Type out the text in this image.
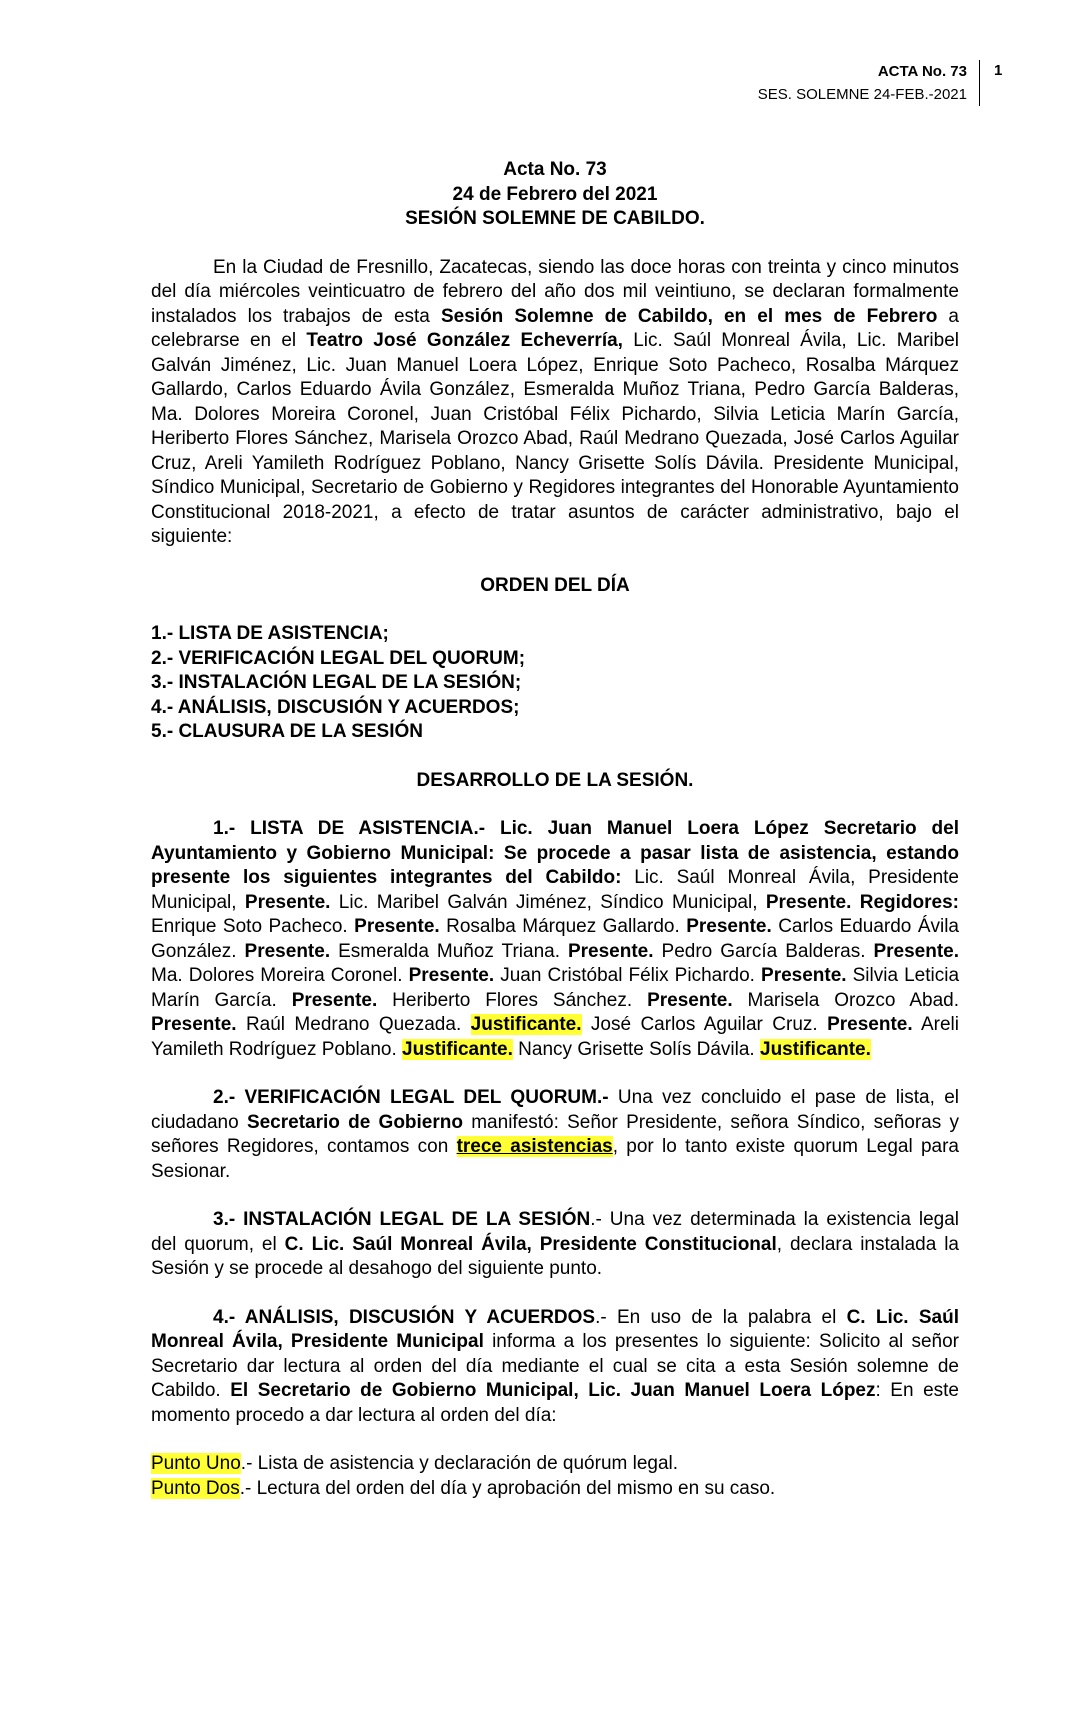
ACTA No. 73
SES. SOLEMNE 24-FEB.-2021
1

Acta No. 73

24 de Febrero del 2021

SESIÓN SOLEMNE DE CABILDO.

En la Ciudad de Fresnillo, Zacatecas, siendo las doce horas con treinta y cinco minutos del día miércoles veinticuatro de febrero del año dos mil veintiuno, se declaran formalmente instalados los trabajos de esta Sesión Solemne de Cabildo, en el mes de Febrero a celebrarse en el Teatro José González Echeverría, Lic. Saúl Monreal Ávila, Lic. Maribel Galván Jiménez, Lic. Juan Manuel Loera López, Enrique Soto Pacheco, Rosalba Márquez Gallardo, Carlos Eduardo Ávila González, Esmeralda Muñoz Triana, Pedro García Balderas, Ma. Dolores Moreira Coronel, Juan Cristóbal Félix Pichardo, Silvia Leticia Marín García, Heriberto Flores Sánchez, Marisela Orozco Abad, Raúl Medrano Quezada, José Carlos Aguilar Cruz, Areli Yamileth Rodríguez Poblano, Nancy Grisette Solís Dávila. Presidente Municipal, Síndico Municipal, Secretario de Gobierno y Regidores integrantes del Honorable Ayuntamiento Constitucional 2018-2021, a efecto de tratar asuntos de carácter administrativo, bajo el siguiente:

ORDEN DEL DÍA

1.- LISTA DE ASISTENCIA;

2.- VERIFICACIÓN LEGAL DEL QUORUM;

3.- INSTALACIÓN LEGAL DE LA SESIÓN;

4.- ANÁLISIS, DISCUSIÓN Y ACUERDOS;

5.- CLAUSURA DE LA SESIÓN

DESARROLLO DE LA SESIÓN.

1.- LISTA DE ASISTENCIA.- Lic. Juan Manuel Loera López Secretario del Ayuntamiento y Gobierno Municipal: Se procede a pasar lista de asistencia, estando presente los siguientes integrantes del Cabildo: Lic. Saúl Monreal Ávila, Presidente Municipal, Presente. Lic. Maribel Galván Jiménez, Síndico Municipal, Presente. Regidores: Enrique Soto Pacheco. Presente. Rosalba Márquez Gallardo. Presente. Carlos Eduardo Ávila González. Presente. Esmeralda Muñoz Triana. Presente. Pedro García Balderas. Presente. Ma. Dolores Moreira Coronel. Presente. Juan Cristóbal Félix Pichardo. Presente. Silvia Leticia Marín García. Presente. Heriberto Flores Sánchez. Presente. Marisela Orozco Abad. Presente. Raúl Medrano Quezada. Justificante. José Carlos Aguilar Cruz. Presente. Areli Yamileth Rodríguez Poblano. Justificante. Nancy Grisette Solís Dávila. Justificante.

2.- VERIFICACIÓN LEGAL DEL QUORUM.- Una vez concluido el pase de lista, el ciudadano Secretario de Gobierno manifestó: Señor Presidente, señora Síndico, señoras y señores Regidores, contamos con trece asistencias, por lo tanto existe quorum Legal para Sesionar.

3.- INSTALACIÓN LEGAL DE LA SESIÓN.- Una vez determinada la existencia legal del quorum, el C. Lic. Saúl Monreal Ávila, Presidente Constitucional, declara instalada la Sesión y se procede al desahogo del siguiente punto.

4.- ANÁLISIS, DISCUSIÓN Y ACUERDOS.- En uso de la palabra el C. Lic. Saúl Monreal Ávila, Presidente Municipal informa a los presentes lo siguiente: Solicito al señor Secretario dar lectura al orden del día mediante el cual se cita a esta Sesión solemne de Cabildo. El Secretario de Gobierno Municipal, Lic. Juan Manuel Loera López: En este momento procedo a dar lectura al orden del día:

Punto Uno.- Lista de asistencia y declaración de quórum legal.

Punto Dos.- Lectura del orden del día y aprobación del mismo en su caso.
